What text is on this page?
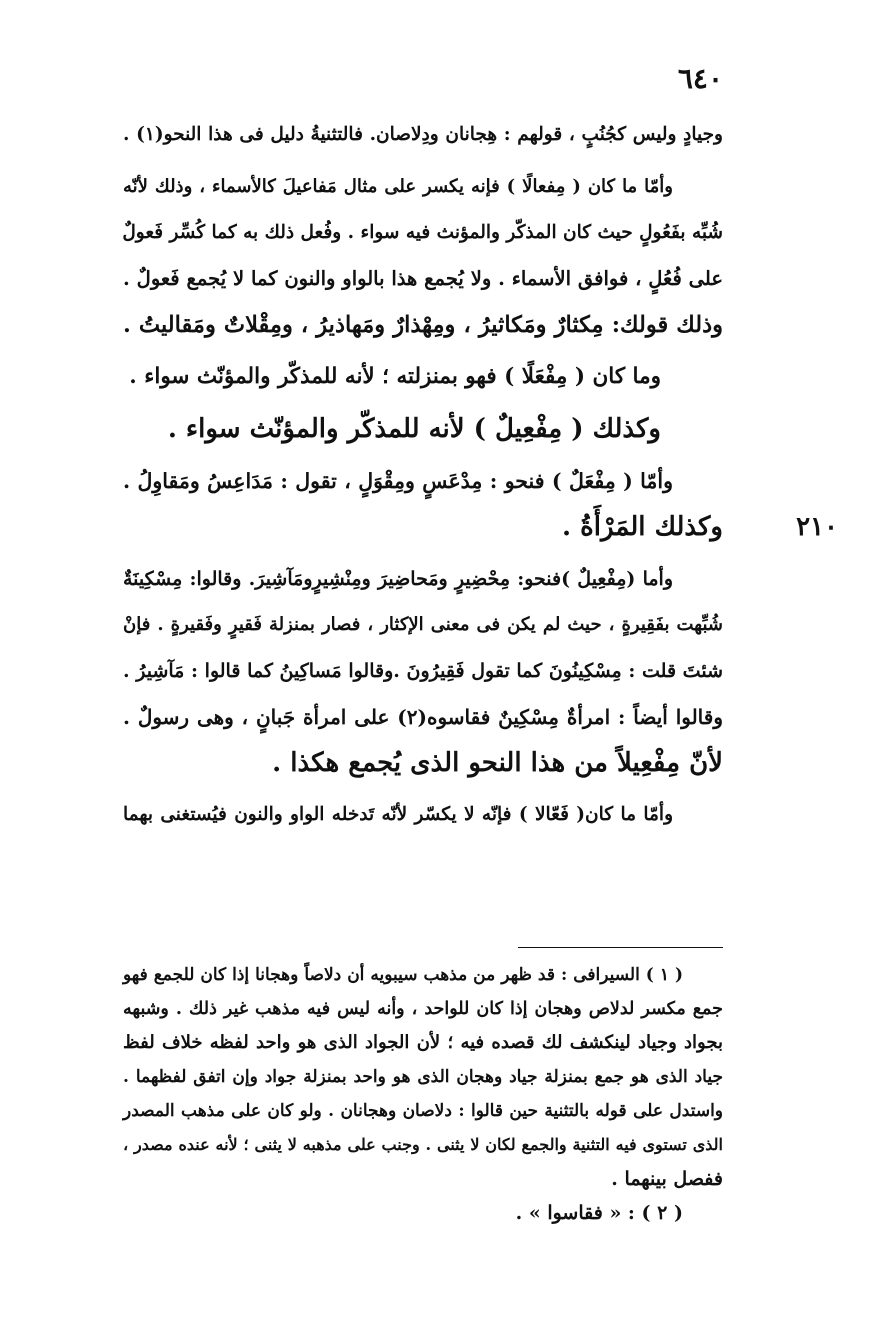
٦٤٠
٢١٠
وجيادٍ وليس كجُنُبٍ ، قولهم : هِجانان ودِلاصان. فالتثنيةُ دليل فى هذا النحو(١) .
وأمّا ما كان ( مِفعالًا ) فإنه يكسر على مثال مَفاعيلَ كالأسماء ، وذلك لأنّه
شُبِّه بفَعُولٍ حيث كان المذكّر والمؤنث فيه سواء . وفُعل ذلك به كما كُسِّر فَعولٌ
على فُعُلٍ ، فوافق الأسماء . ولا يُجمع هذا بالواو والنون كما لا يُجمع فَعولٌ .
وذلك قولك: مِكثارٌ ومَكاثيرُ ، ومِهْذارٌ ومَهاذيرُ ، ومِقْلاتٌ ومَقاليتُ .
وما كان ( مِفْعَلًا ) فهو بمنزلته ؛ لأنه للمذكّر والمؤنّث سواء .
وكذلك ( مِفْعِيلٌ ) لأنه للمذكّر والمؤنّث سواء .
وأمّا ( مِفْعَلٌ ) فنحو : مِدْعَسٍ ومِقْوَلٍ ، تقول : مَدَاعِسُ ومَقاوِلُ .
وكذلك المَرْأَةُ .
وأما (مِفْعِيلٌ )فنحو: مِحْضِيرٍ ومَحاضِيرَ ومِنْشِيرٍومَآشِيرَ. وقالوا: مِسْكِينَةٌ
شُبِّهت بفَقِيرةٍ ، حيث لم يكن فى معنى الإكثار ، فصار بمنزلة فَقيرٍ وفَقيرةٍ . فإنْ
شئتَ قلت : مِسْكِينُونَ كما تقول فَقِيرُونَ .وقالوا مَساكِينُ كما قالوا : مَآشِيرُ .
وقالوا أيضاً : امرأةٌ مِسْكِينٌ فقاسوه(٢) على امرأة جَبانٍ ، وهى رسولٌ .
لأنّ مِفْعِيلاً من هذا النحو الذى يُجمع هكذا .
وأمّا ما كان( فَعّالا ) فإنّه لا يكسّر لأنّه تَدخله الواو والنون فيُستغنى بهما
( ١ ) السيرافى : قد ظهر من مذهب سيبويه أن دلاصاً وهجانا إذا كان للجمع فهو
جمع مكسر لدلاص وهجان إذا كان للواحد ، وأنه ليس فيه مذهب غير ذلك . وشبهه
بجواد وجياد لينكشف لك قصده فيه ؛ لأن الجواد الذى هو واحد لفظه خلاف لفظ
جياد الذى هو جمع بمنزلة جياد وهجان الذى هو واحد بمنزلة جواد وإن اتفق لفظهما .
واستدل على قوله بالتثنية حين قالوا : دلاصان وهجانان . ولو كان على مذهب المصدر
الذى تستوى فيه التثنية والجمع لكان لا يثنى . وجنب على مذهبه لا يثنى ؛ لأنه عنده مصدر ،
ففصل بينهما .
( ٢ ) : « فقاسوا » .
